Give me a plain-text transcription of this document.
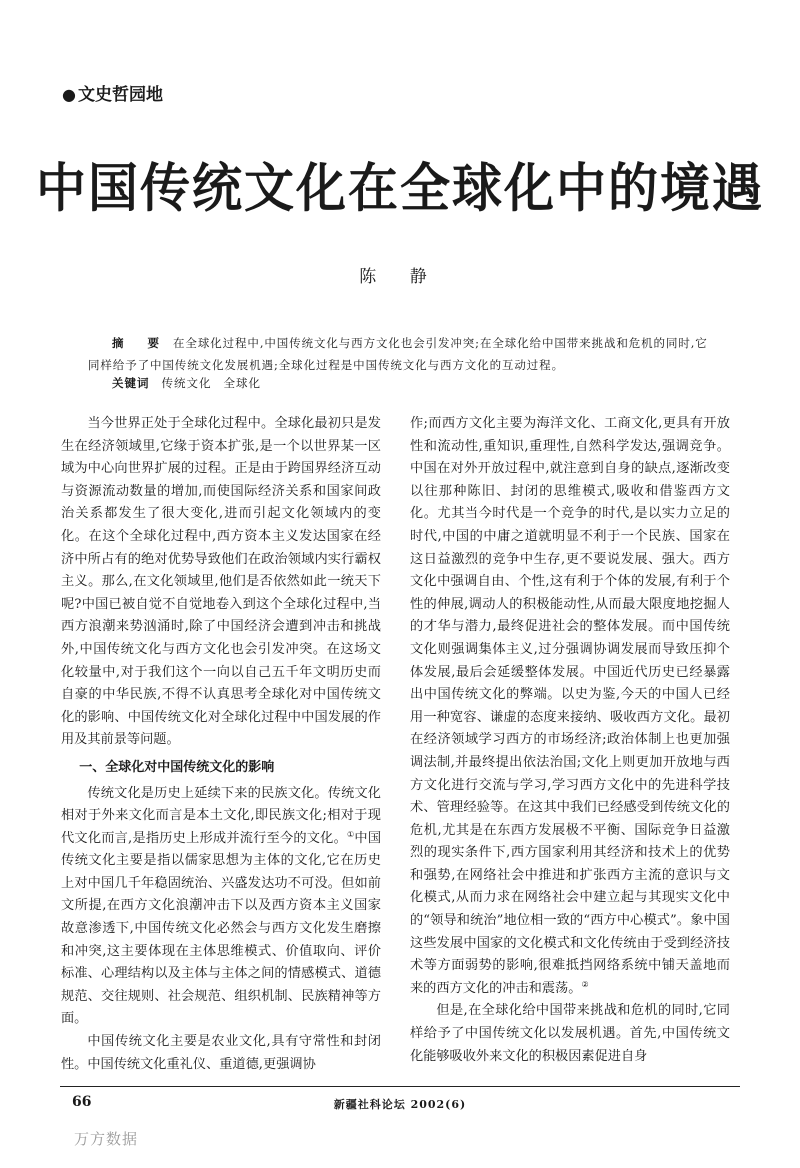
● 文史哲园地
中国传统文化在全球化中的境遇
陈 静
摘 要 在全球化过程中,中国传统文化与西方文化也会引发冲突;在全球化给中国带来挑战和危机的同时,它同样给予了中国传统文化发展机遇;全球化过程是中国传统文化与西方文化的互动过程。
关键词 传统文化 全球化

当今世界正处于全球化过程中。全球化最初只是发生在经济领域里,它缘于资本扩张,是一个以世界某一区域为中心向世界扩展的过程。正是由于跨国界经济互动与资源流动数量的增加,而使国际经济关系和国家间政治关系都发生了很大变化,进而引起文化领域内的变化。在这个全球化过程中,西方资本主义发达国家在经济中所占有的绝对优势导致他们在政治领域内实行霸权主义。那么,在文化领域里,他们是否依然如此一统天下呢?中国已被自觉不自觉地卷入到这个全球化过程中,当西方浪潮来势汹涌时,除了中国经济会遭到冲击和挑战外,中国传统文化与西方文化也会引发冲突。在这场文化较量中,对于我们这个一向以自己五千年文明历史而自豪的中华民族,不得不认真思考全球化对中国传统文化的影响、中国传统文化对全球化过程中中国发展的作用及其前景等问题。

一、全球化对中国传统文化的影响

传统文化是历史上延续下来的民族文化。传统文化相对于外来文化而言是本土文化,即民族文化;相对于现代文化而言,是指历史上形成并流行至今的文化。①中国传统文化主要是指以儒家思想为主体的文化,它在历史上对中国几千年稳固统治、兴盛发达功不可没。但如前文所提,在西方文化浪潮冲击下以及西方资本主义国家故意渗透下,中国传统文化必然会与西方文化发生磨擦和冲突,这主要体现在主体思维模式、价值取向、评价标准、心理结构以及主体与主体之间的情感模式、道德规范、交往规则、社会规范、组织机制、民族精神等方面。

中国传统文化主要是农业文化,具有守常性和封闭性。中国传统文化重礼仪、重道德,更强调协

作;而西方文化主要为海洋文化、工商文化,更具有开放性和流动性,重知识,重理性,自然科学发达,强调竞争。中国在对外开放过程中,就注意到自身的缺点,逐渐改变以往那种陈旧、封闭的思维模式,吸收和借鉴西方文化。尤其当今时代是一个竞争的时代,是以实力立足的时代,中国的中庸之道就明显不利于一个民族、国家在这日益激烈的竞争中生存,更不要说发展、强大。西方文化中强调自由、个性,这有利于个体的发展,有利于个性的伸展,调动人的积极能动性,从而最大限度地挖掘人的才华与潜力,最终促进社会的整体发展。而中国传统文化则强调集体主义,过分强调协调发展而导致压抑个体发展,最后会延缓整体发展。中国近代历史已经暴露出中国传统文化的弊端。以史为鉴,今天的中国人已经用一种宽容、谦虚的态度来接纳、吸收西方文化。最初在经济领域学习西方的市场经济;政治体制上也更加强调法制,并最终提出依法治国;文化上则更加开放地与西方文化进行交流与学习,学习西方文化中的先进科学技术、管理经验等。在这其中我们已经感受到传统文化的危机,尤其是在东西方发展极不平衡、国际竞争日益激烈的现实条件下,西方国家利用其经济和技术上的优势和强势,在网络社会中推进和扩张西方主流的意识与文化模式,从而力求在网络社会中建立起与其现实文化中的“领导和统治”地位相一致的“西方中心模式”。象中国这些发展中国家的文化模式和文化传统由于受到经济技术等方面弱势的影响,很难抵挡网络系统中铺天盖地而来的西方文化的冲击和震荡。②

但是,在全球化给中国带来挑战和危机的同时,它同样给予了中国传统文化以发展机遇。首先,中国传统文化能够吸收外来文化的积极因素促进自身

66	新疆社科论坛 2002(6)
万方数据
